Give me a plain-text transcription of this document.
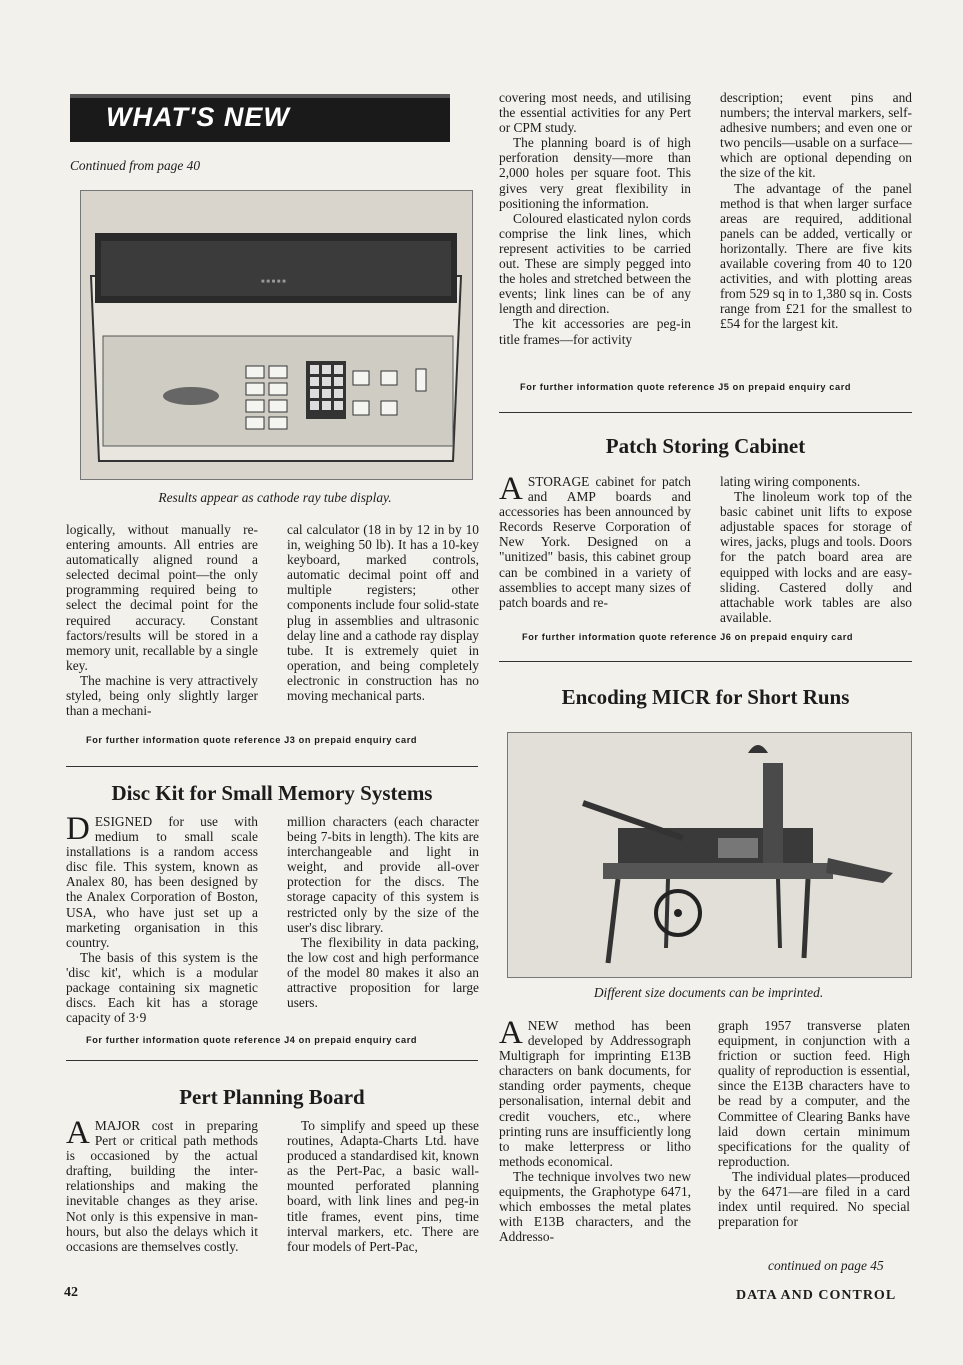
WHAT'S NEW
Continued from page 40
■ ■ ■ ■ ■
Results appear as cathode ray tube display.

logically, without manually re-entering amounts. All entries are automatically aligned round a selected decimal point—the only programming required being to select the decimal point for the required accuracy. Constant factors/results will be stored in a memory unit, recallable by a single key.

The machine is very attractively styled, being only slightly larger than a mechani-

cal calculator (18 in by 12 in by 10 in, weighing 50 lb). It has a 10-key keyboard, marked controls, automatic decimal point off and multiple registers; other components include four solid-state plug in assemblies and ultrasonic delay line and a cathode ray display tube. It is extremely quiet in operation, and being completely electronic in construction has no moving mechanical parts.

For further information quote reference J3 on prepaid enquiry card
Disc Kit for Small Memory Systems

DESIGNED for use with medium to small scale installations is a random access disc file. This system, known as Analex 80, has been designed by the Analex Corporation of Boston, USA, who have just set up a marketing organisation in this country.

The basis of this system is the 'disc kit', which is a modular package containing six magnetic discs. Each kit has a storage capacity of 3·9

million characters (each character being 7-bits in length). The kits are interchangeable and light in weight, and provide all-over protection for the discs. The storage capacity of this system is restricted only by the size of the user's disc library.

The flexibility in data packing, the low cost and high performance of the model 80 makes it also an attractive proposition for large users.

For further information quote reference J4 on prepaid enquiry card
Pert Planning Board

AMAJOR cost in preparing Pert or critical path methods is occasioned by the actual drafting, building the inter-relationships and making the inevitable changes as they arise. Not only is this expensive in man-hours, but also the delays which it occasions are themselves costly.

To simplify and speed up these routines, Adapta-Charts Ltd. have produced a standardised kit, known as the Pert-Pac, a basic wall-mounted perforated planning board, with link lines and peg-in title frames, event pins, time interval markers, etc. There are four models of Pert-Pac,

covering most needs, and utilising the essential activities for any Pert or CPM study.

The planning board is of high perforation density—more than 2,000 holes per square foot. This gives very great flexibility in positioning the information.

Coloured elasticated nylon cords comprise the link lines, which represent activities to be carried out. These are simply pegged into the holes and stretched between the events; link lines can be of any length and direction.

The kit accessories are peg-in title frames—for activity

description; event pins and numbers; the interval markers, self-adhesive numbers; and even one or two pencils—usable on a surface—which are optional depending on the size of the kit.

The advantage of the panel method is that when larger surface areas are required, additional panels can be added, vertically or horizontally. There are five kits available covering from 40 to 120 activities, and with plotting areas from 529 sq in to 1,380 sq in. Costs range from £21 for the smallest to £54 for the largest kit.

For further information quote reference J5 on prepaid enquiry card
Patch Storing Cabinet

ASTORAGE cabinet for patch and AMP boards and accessories has been announced by Records Reserve Corporation of New York. Designed on a "unitized" basis, this cabinet group can be combined in a variety of assemblies to accept many sizes of patch boards and re-

lating wiring components.

The linoleum work top of the basic cabinet unit lifts to expose adjustable spaces for storage of wires, jacks, plugs and tools. Doors for the patch board area are equipped with locks and are easy-sliding. Castered dolly and attachable work tables are also available.

For further information quote reference J6 on prepaid enquiry card
Encoding MICR for Short Runs
Different size documents can be imprinted.

ANEW method has been developed by Addressograph Multigraph for imprinting E13B characters on bank documents, for standing order payments, cheque personalisation, internal debit and credit vouchers, etc., where printing runs are insufficiently long to make letterpress or litho methods economical.

The technique involves two new equipments, the Graphotype 6471, which embosses the metal plates with E13B characters, and the Addresso-

graph 1957 transverse platen equipment, in conjunction with a friction or suction feed. High quality of reproduction is essential, since the E13B characters have to be read by a computer, and the Committee of Clearing Banks have laid down certain minimum specifications for the quality of reproduction.

The individual plates—produced by the 6471—are filed in a card index until required. No special preparation for

continued on page 45
42	DATA AND CONTROL
